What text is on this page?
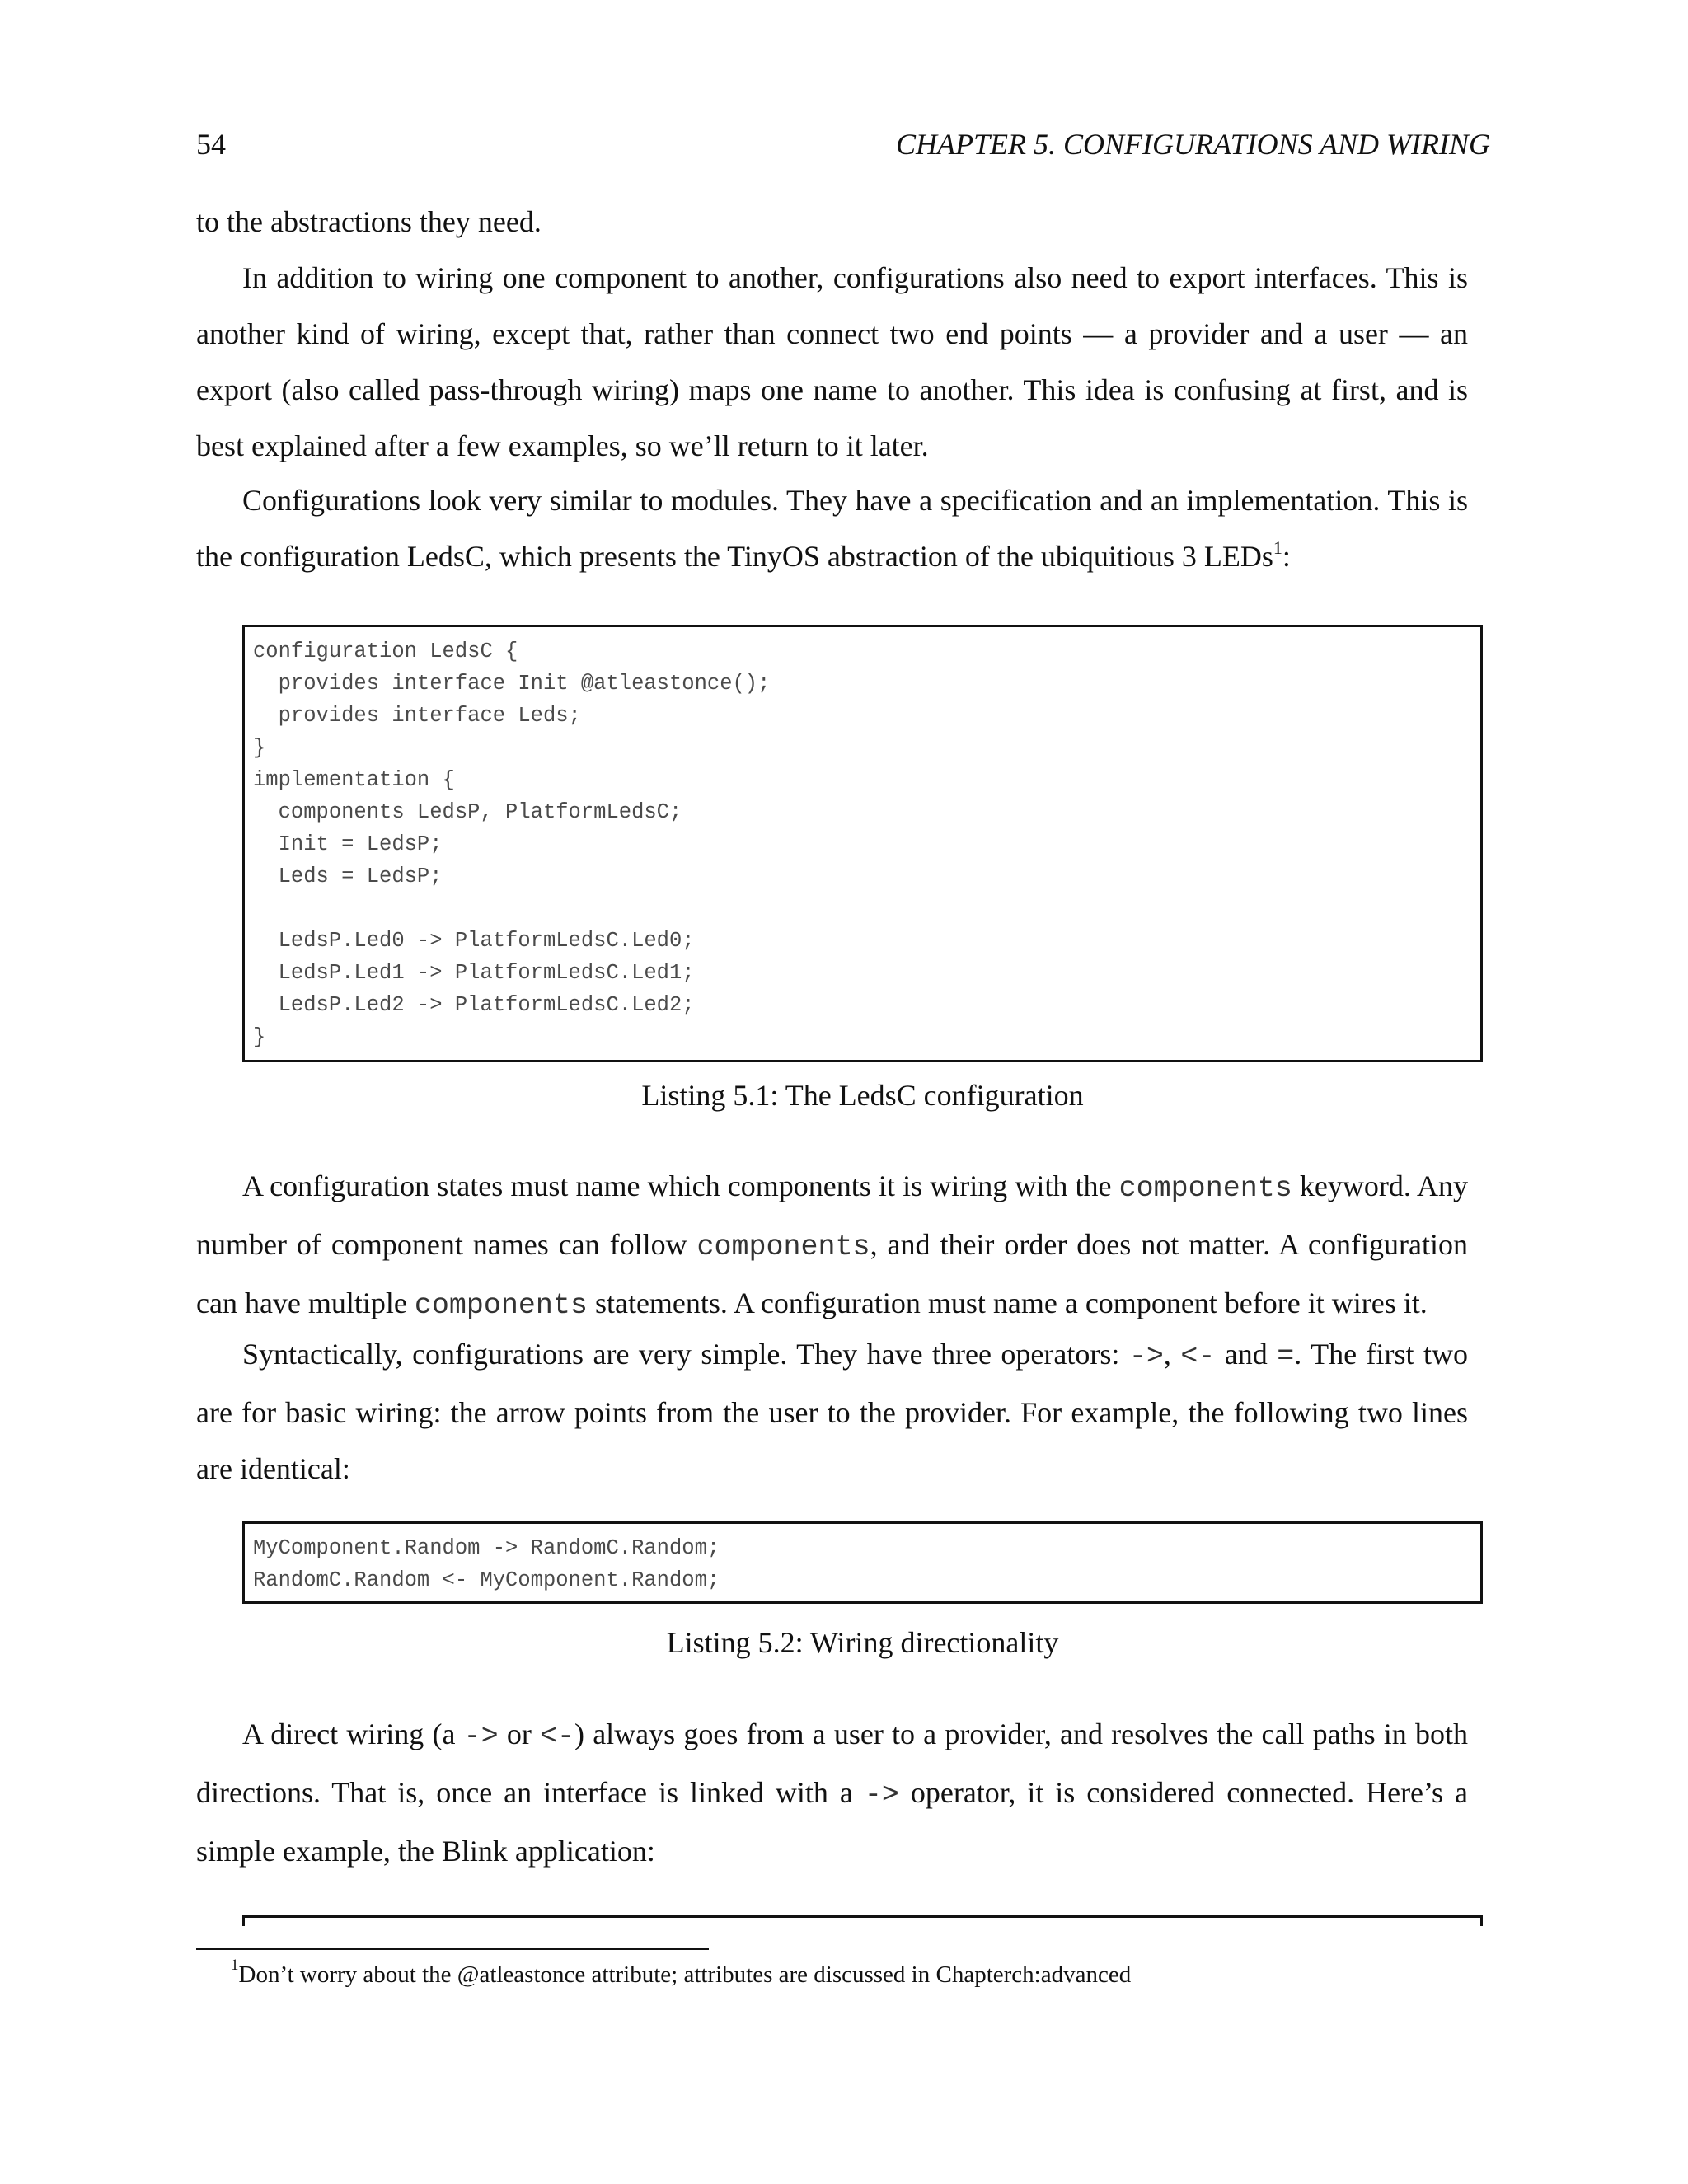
54	CHAPTER 5. CONFIGURATIONS AND WIRING

to the abstractions they need.

In addition to wiring one component to another, configurations also need to export interfaces. This is another kind of wiring, except that, rather than connect two end points — a provider and a user — an export (also called pass-through wiring) maps one name to another. This idea is confusing at first, and is best explained after a few examples, so we’ll return to it later.

Configurations look very similar to modules. They have a specification and an implementation. This is the configuration LedsC, which presents the TinyOS abstraction of the ubiquitious 3 LEDs$^1$:

configuration LedsC {
provides interface Init @atleastonce();
provides interface Leds;
}
implementation {
components LedsP, PlatformLedsC;
Init = LedsP;
Leds = LedsP;
LedsP.Led0 -> PlatformLedsC.Led0;
LedsP.Led1 -> PlatformLedsC.Led1;
LedsP.Led2 -> PlatformLedsC.Led2;
}
Listing 5.1: The LedsC configuration

A configuration states must name which components it is wiring with the components keyword. Any number of component names can follow components, and their order does not matter. A configuration can have multiple components statements. A configuration must name a component before it wires it.

Syntactically, configurations are very simple. They have three operators: ->, <- and =. The first two are for basic wiring: the arrow points from the user to the provider. For example, the following two lines are identical:

MyComponent.Random -> RandomC.Random;
RandomC.Random <- MyComponent.Random;
Listing 5.2: Wiring directionality

A direct wiring (a -> or <-) always goes from a user to a provider, and resolves the call paths in both directions. That is, once an interface is linked with a -> operator, it is considered connected. Here’s a simple example, the Blink application:

$^1$Don’t worry about the @atleastonce attribute; attributes are discussed in Chapterch:advanced
